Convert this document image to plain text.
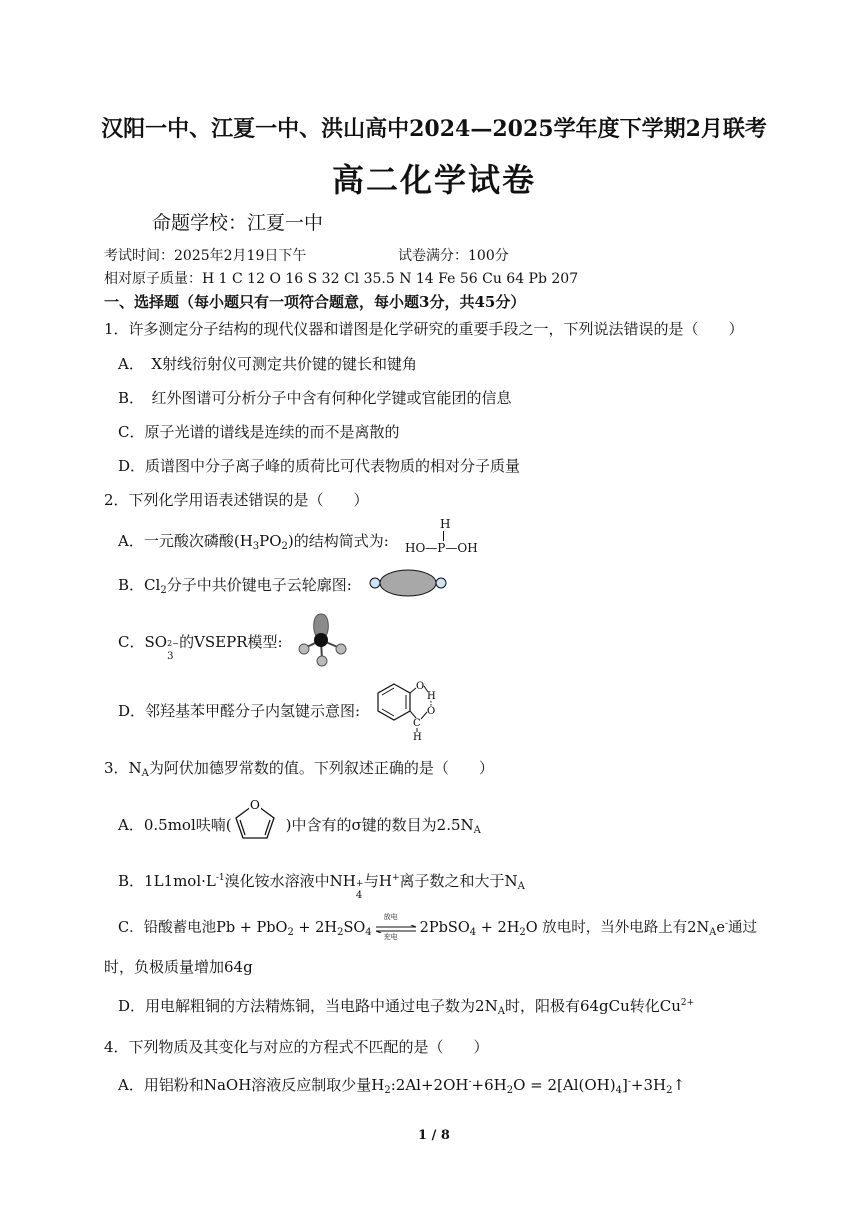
汉阳一中、江夏一中、洪山高中2024—2025学年度下学期2月联考
高二化学试卷
命题学校：江夏一中
考试时间：2025年2月19日下午	试卷满分：100分
相对原子质量：H 1 C 12 O 16 S 32 Cl 35.5 N 14 Fe 56 Cu 64 Pb 207
一、选择题（每小题只有一项符合题意，每小题3分，共45分）
1．许多测定分子结构的现代仪器和谱图是化学研究的重要手段之一，下列说法错误的是（　　）
A．　X射线衍射仪可测定共价键的键长和键角
B．　红外图谱可分析分子中含有何种化学键或官能团的信息
C．原子光谱的谱线是连续的而不是离散的
D．质谱图中分子离子峰的质荷比可代表物质的相对分子质量
2．下列化学用语表述错误的是（　　）
A．一元酸次磷酸$(H_3PO_2)$的结构简式为:
H
HO—P—OH
B．$Cl_2$分子中共价键电子云轮廓图:
C．SO
3
2− 的VSEPR模型:
D．邻羟基苯甲醛分子内氢键示意图:
O
H
O
C
H
3．$N_A$为阿伏加德罗常数的值。下列叙述正确的是（　　）
A．0.5mol呋喃(	)中含有的σ键的数目为$2.5N_A$
O
B．$1L1mol\cdot L^{-1}$溴化铵水溶液中NH
4
+ 与H+离子数之和大于$N_A$
C．铅酸蓄电池$Pb + PbO_2 + 2H_2SO_4$
放电
充电
2PbSO$_4$ + $2H_2O$ 放电时，当外电路上有$2N_Ae^-$通过
时，负极质量增加64g
D．用电解粗铜的方法精炼铜，当电路中通过电子数为$2N_A$时，阳极有64gCu转化$Cu^{2+}$
4．下列物质及其变化与对应的方程式不匹配的是（　　）
A．用铝粉和NaOH溶液反应制取少量$H_2:2Al+2OH^-+6H_2O$ = $2[Al(OH)_4]^-+3H_2↑$
1 / 8
